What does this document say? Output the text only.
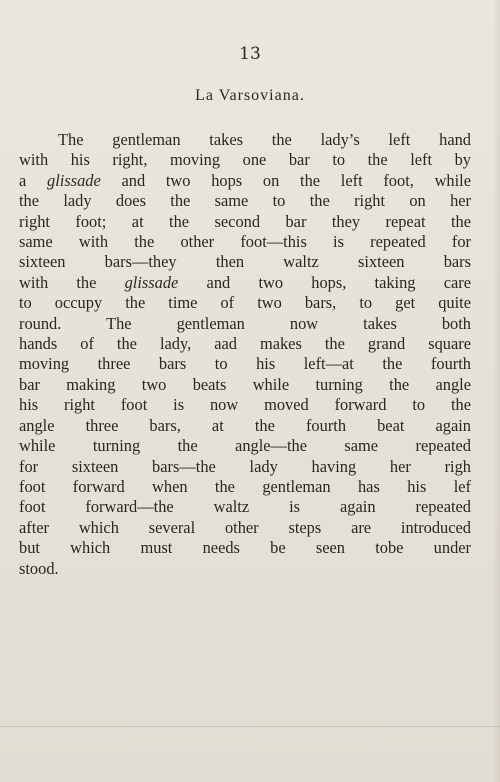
13
La Varsoviana.
The gentleman takes the lady’s left hand
with his right, moving one bar to the left by
a glissade and two hops on the left foot, while
the lady does the same to the right on her
right foot; at the second bar they repeat the
same with the other foot—this is repeated for
sixteen bars—they then waltz sixteen bars
with the glissade and two hops, taking care
to occupy the time of two bars, to get quite
round. The gentleman now takes both
hands of the lady, aad makes the grand square
moving three bars to his left—at the fourth
bar making two beats while turning the angle
his right foot is now moved forward to the
angle three bars, at the fourth beat again
while turning the angle—the same repeated
for sixteen bars—the lady having her righ
foot forward when the gentleman has his lef
foot forward—the waltz is again repeated
after which several other steps are introduced
but which must needs be seen tobe under
stood.
